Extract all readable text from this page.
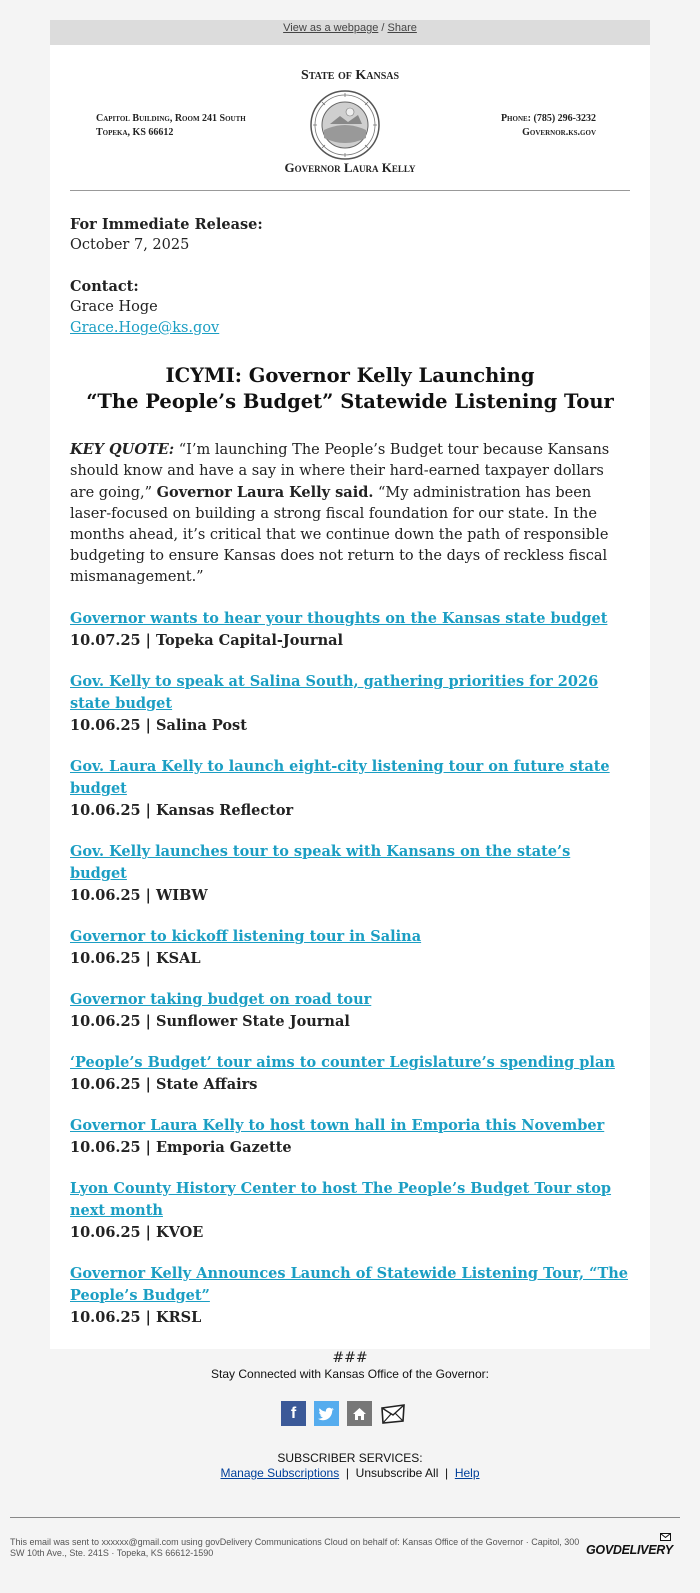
View as a webpage / Share
State of Kansas
Capitol Building, Room 241 South
Topeka, KS 66612
Phone: (785) 296-3232
Governor.ks.gov
Governor Laura Kelly

For Immediate Release:

October 7, 2025

Contact:

Grace Hoge

Grace.Hoge@ks.gov

ICYMI: Governor Kelly Launching
“The People’s Budget” Statewide Listening Tour

KEY QUOTE: “I’m launching The People’s Budget tour because Kansans should know and have a say in where their hard-earned taxpayer dollars are going,” Governor Laura Kelly said. “My administration has been laser-focused on building a strong fiscal foundation for our state. In the months ahead, it’s critical that we continue down the path of responsible budgeting to ensure Kansas does not return to the days of reckless fiscal mismanagement.”

Governor wants to hear your thoughts on the Kansas state budget
10.07.25 | Topeka Capital-Journal
Gov. Kelly to speak at Salina South, gathering priorities for 2026 state budget
10.06.25 | Salina Post
Gov. Laura Kelly to launch eight-city listening tour on future state budget
10.06.25 | Kansas Reflector
Gov. Kelly launches tour to speak with Kansans on the state’s budget
10.06.25 | WIBW
Governor to kickoff listening tour in Salina
10.06.25 | KSAL
Governor taking budget on road tour
10.06.25 | Sunflower State Journal
‘People’s Budget’ tour aims to counter Legislature’s spending plan
10.06.25 | State Affairs
Governor Laura Kelly to host town hall in Emporia this November
10.06.25 | Emporia Gazette
Lyon County History Center to host The People’s Budget Tour stop next month
10.06.25 | KVOE
Governor Kelly Announces Launch of Statewide Listening Tour, “The People’s Budget”
10.06.25 | KRSL
###
Stay Connected with Kansas Office of the Governor:
f
SUBSCRIBER SERVICES:
Manage Subscriptions  |  Unsubscribe All  |  Help
This email was sent to xxxxxx@gmail.com using govDelivery Communications Cloud on behalf of: Kansas Office of the Governor · Capitol, 300 SW 10th Ave., Ste. 241S · Topeka, KS 66612-1590	GOVDELIVERY
